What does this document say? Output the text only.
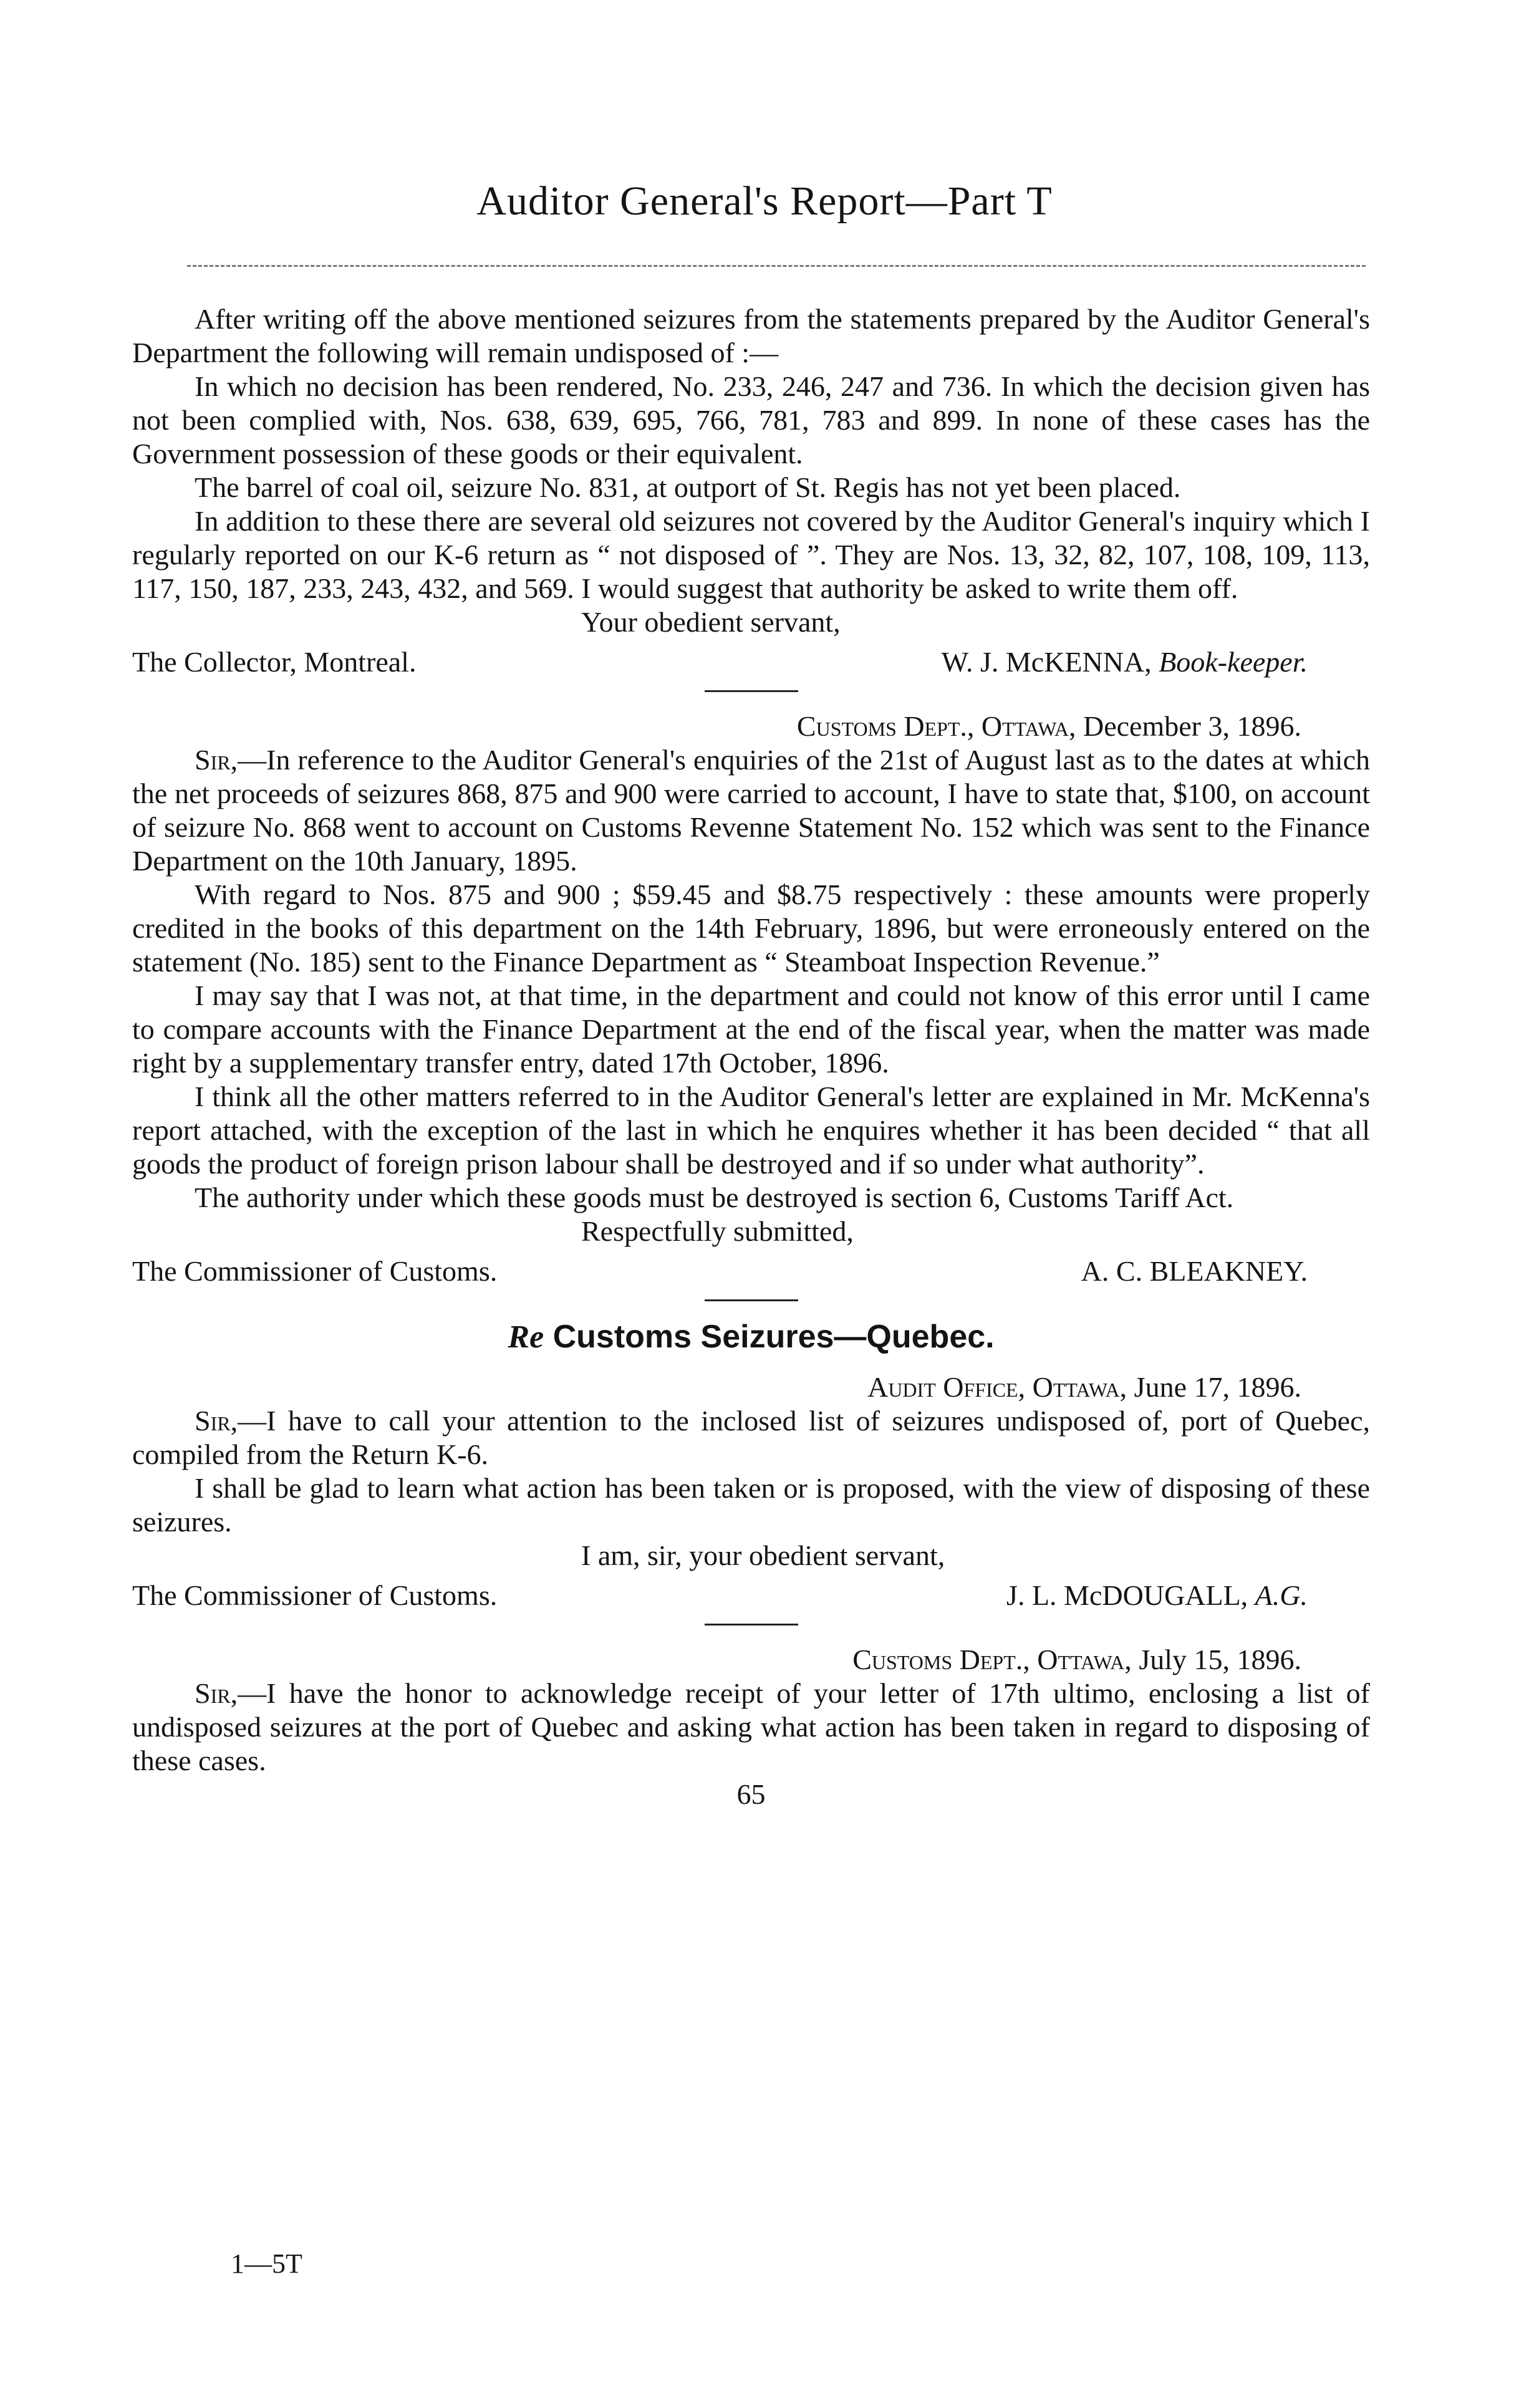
Auditor General's Report—Part T

After writing off the above mentioned seizures from the statements prepared by the Auditor General's Department the following will remain undisposed of :—

In which no decision has been rendered, No. 233, 246, 247 and 736. In which the decision given has not been complied with, Nos. 638, 639, 695, 766, 781, 783 and 899. In none of these cases has the Government possession of these goods or their equivalent.

The barrel of coal oil, seizure No. 831, at outport of St. Regis has not yet been placed.

In addition to these there are several old seizures not covered by the Auditor General's inquiry which I regularly reported on our K-6 return as “ not disposed of ”. They are Nos. 13, 32, 82, 107, 108, 109, 113, 117, 150, 187, 233, 243, 432, and 569. I would suggest that authority be asked to write them off.

Your obedient servant,

The Collector, Montreal.	W. J. McKENNA, Book-keeper.

Customs Dept., Ottawa, December 3, 1896.

Sir,—In reference to the Auditor General's enquiries of the 21st of August last as to the dates at which the net proceeds of seizures 868, 875 and 900 were carried to account, I have to state that, $100, on account of seizure No. 868 went to account on Customs Revenne Statement No. 152 which was sent to the Finance Department on the 10th January, 1895.

With regard to Nos. 875 and 900 ; $59.45 and $8.75 respectively : these amounts were properly credited in the books of this department on the 14th February, 1896, but were erroneously entered on the statement (No. 185) sent to the Finance Department as “ Steamboat Inspection Revenue.”

I may say that I was not, at that time, in the department and could not know of this error until I came to compare accounts with the Finance Department at the end of the fiscal year, when the matter was made right by a supplementary transfer entry, dated 17th October, 1896.

I think all the other matters referred to in the Auditor General's letter are explained in Mr. McKenna's report attached, with the exception of the last in which he enquires whether it has been decided “ that all goods the product of foreign prison labour shall be destroyed and if so under what authority”.

The authority under which these goods must be destroyed is section 6, Customs Tariff Act.

Respectfully submitted,

The Commissioner of Customs.	A. C. BLEAKNEY.
Re Customs Seizures—Quebec.

Audit Office, Ottawa, June 17, 1896.

Sir,—I have to call your attention to the inclosed list of seizures undisposed of, port of Quebec, compiled from the Return K-6.

I shall be glad to learn what action has been taken or is proposed, with the view of disposing of these seizures.

I am, sir, your obedient servant,

The Commissioner of Customs.	J. L. McDOUGALL, A.G.

Customs Dept., Ottawa, July 15, 1896.

Sir,—I have the honor to acknowledge receipt of your letter of 17th ultimo, enclosing a list of undisposed seizures at the port of Quebec and asking what action has been taken in regard to disposing of these cases.

65

1—5T
